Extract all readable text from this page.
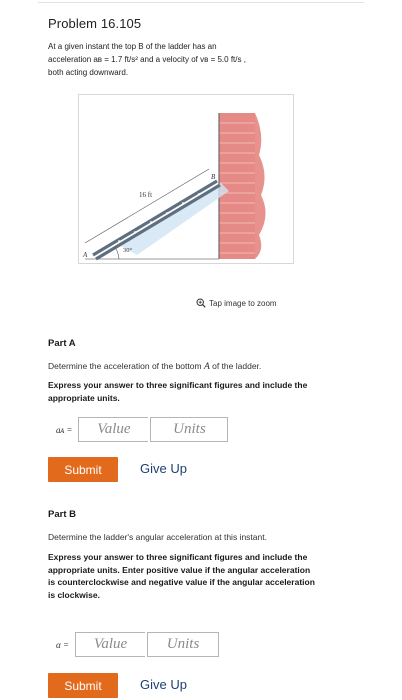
Problem 16.105
At a given instant the top B of the ladder has an
acceleration aʙ = 1.7 ft/s² and a velocity of vʙ = 5.0 ft/s ,
both acting downward.
16 ft
30°
A
B
Tap image to zoom
Part A
Determine the acceleration of the bottom A of the ladder.
Express your answer to three significant figures and include the appropriate units.
aᴀ =	Value	Units
Submit	Give Up
Part B
Determine the ladder's angular acceleration at this instant.
Express your answer to three significant figures and include the appropriate units. Enter positive value if the angular acceleration is counterclockwise and negative value if the angular acceleration is clockwise.
α =	Value	Units
Submit	Give Up
